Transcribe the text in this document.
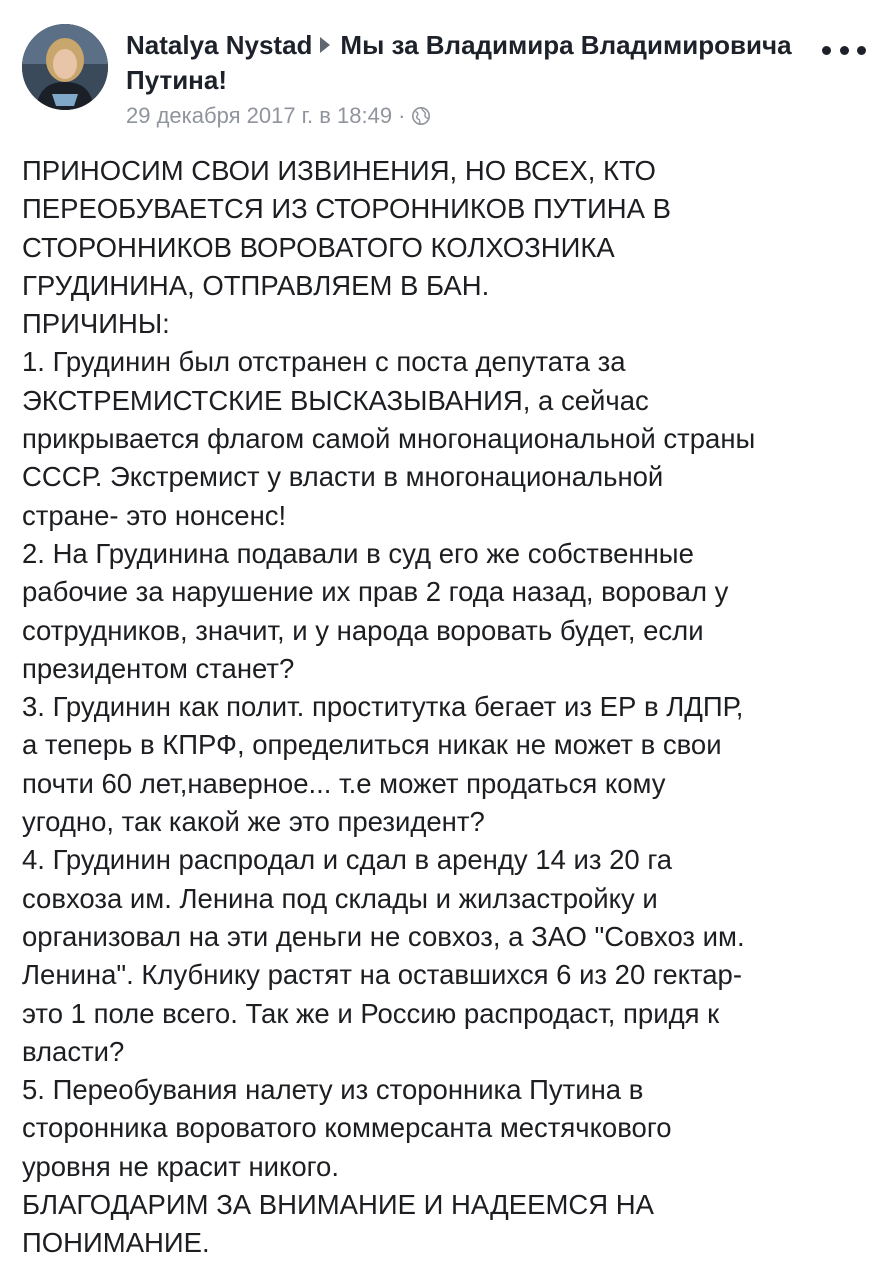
Natalya Nystad Мы за Владимира Владимировича Путина!
29 декабря 2017 г. в 18:49 ·

ПРИНОСИМ СВОИ ИЗВИНЕНИЯ, НО ВСЕХ, КТО

ПЕРЕОБУВАЕТСЯ ИЗ СТОРОННИКОВ ПУТИНА В

СТОРОННИКОВ ВОРОВАТОГО КОЛХОЗНИКА

ГРУДИНИНА, ОТПРАВЛЯЕМ В БАН.

ПРИЧИНЫ:

1. Грудинин был отстранен с поста депутата за

ЭКСТРЕМИСТСКИЕ ВЫСКАЗЫВАНИЯ, а сейчас

прикрывается флагом самой многонациональной страны

СССР. Экстремист у власти в многонациональной

стране- это нонсенс!

2. На Грудинина подавали в суд его же собственные

рабочие за нарушение их прав 2 года назад, воровал у

сотрудников, значит, и у народа воровать будет, если

президентом станет?

3. Грудинин как полит. проститутка бегает из ЕР в ЛДПР,

а теперь в КПРФ, определиться никак не может в свои

почти 60 лет,наверное... т.е может продаться кому

угодно, так какой же это президент?

4. Грудинин распродал и сдал в аренду 14 из 20 га

совхоза им. Ленина под склады и жилзастройку и

организовал на эти деньги не совхоз, а ЗАО "Совхоз им.

Ленина". Клубнику растят на оставшихся 6 из 20 гектар-

это 1 поле всего. Так же и Россию распродаст, придя к

власти?

5. Переобувания налету из сторонника Путина в

сторонника вороватого коммерсанта местячкового

уровня не красит никого.

БЛАГОДАРИМ ЗА ВНИМАНИЕ И НАДЕЕМСЯ НА

ПОНИМАНИЕ.
